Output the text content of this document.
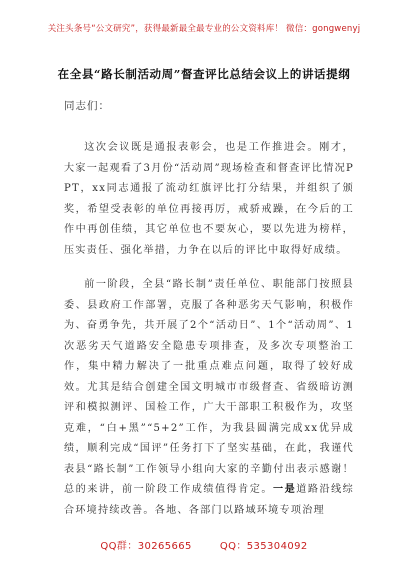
关注头条号“公文研究”，获得最新最全最专业的公文资料库！ 微信：gongwenyj
在全县“路长制活动周”督查评比总结会议上的讲话提纲
同志们：

这次会议既是通报表彰会，也是工作推进会。刚才，大家一起观看了3月份“活动周”现场检查和督查评比情况PPT，xx同志通报了流动红旗评比打分结果，并组织了颁奖，希望受表彰的单位再接再厉，戒骄戒躁，在今后的工作中再创佳绩，其它单位也不要灰心，要以先进为榜样，压实责任、强化举措，力争在以后的评比中取得好成绩。

前一阶段，全县“路长制”责任单位、职能部门按照县委、县政府工作部署，克服了各种恶劣天气影响，积极作为、奋勇争先，共开展了2个“活动日”、1个“活动周”、1次恶劣天气道路安全隐患专项排查，及多次专项整治工作，集中精力解决了一批重点难点问题，取得了较好成效。尤其是结合创建全国文明城市市级督查、省级暗访测评和模拟测评、国检工作，广大干部职工积极作为，攻坚克难，“白+黑”“5+2”工作，为我县圆满完成xx优异成绩，顺利完成“国评”任务打下了坚实基础，在此，我谨代表县“路长制”工作领导小组向大家的辛勤付出表示感谢！总的来讲，前一阶段工作成绩值得肯定。一是道路沿线综合环境持续改善。各地、各部门以路域环境专项治理

QQ群：30265665	QQ：535304092
